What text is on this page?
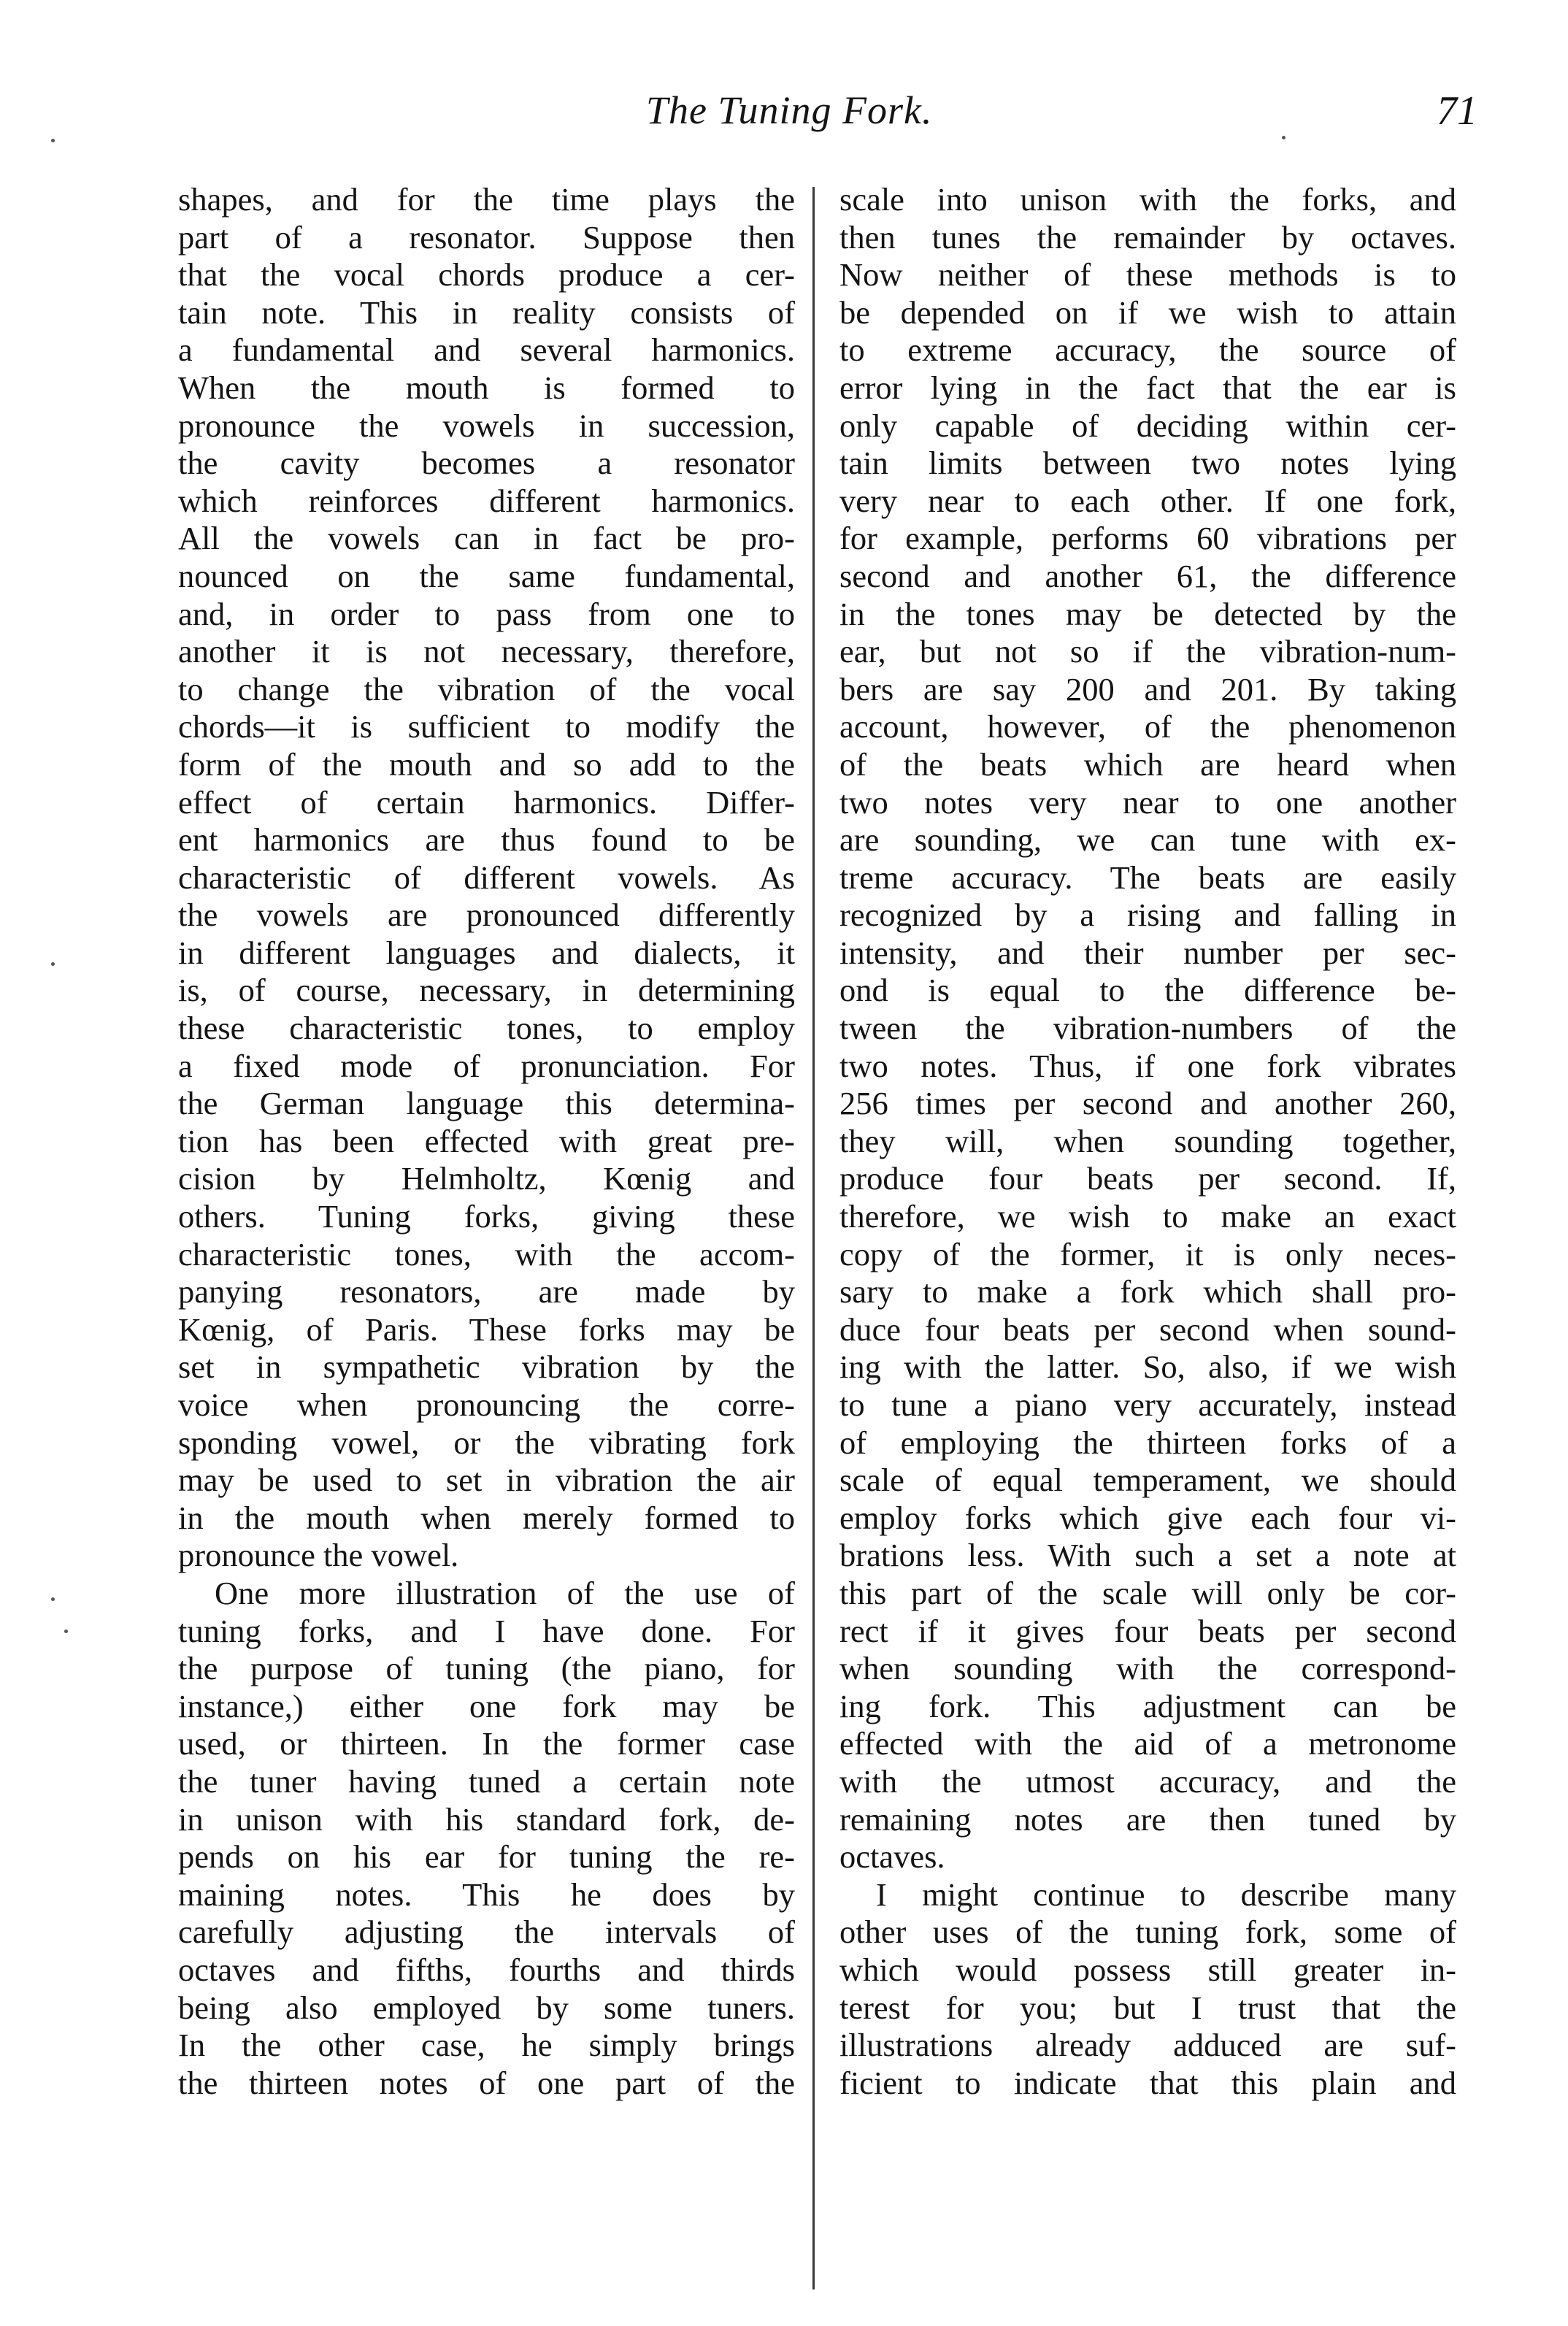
The Tuning Fork.	71
shapes, and for the time plays the
part of a resonator. Suppose then
that the vocal chords produce a cer-
tain note. This in reality consists of
a fundamental and several harmonics.
When the mouth is formed to
pronounce the vowels in succession,
the cavity becomes a resonator
which reinforces different harmonics.
All the vowels can in fact be pro-
nounced on the same fundamental,
and, in order to pass from one to
another it is not necessary, therefore,
to change the vibration of the vocal
chords—it is sufficient to modify the
form of the mouth and so add to the
effect of certain harmonics. Differ-
ent harmonics are thus found to be
characteristic of different vowels. As
the vowels are pronounced differently
in different languages and dialects, it
is, of course, necessary, in determining
these characteristic tones, to employ
a fixed mode of pronunciation. For
the German language this determina-
tion has been effected with great pre-
cision by Helmholtz, Kœnig and
others. Tuning forks, giving these
characteristic tones, with the accom-
panying resonators, are made by
Kœnig, of Paris. These forks may be
set in sympathetic vibration by the
voice when pronouncing the corre-
sponding vowel, or the vibrating fork
may be used to set in vibration the air
in the mouth when merely formed to
pronounce the vowel.
One more illustration of the use of
tuning forks, and I have done. For
the purpose of tuning (the piano, for
instance,) either one fork may be
used, or thirteen. In the former case
the tuner having tuned a certain note
in unison with his standard fork, de-
pends on his ear for tuning the re-
maining notes. This he does by
carefully adjusting the intervals of
octaves and fifths, fourths and thirds
being also employed by some tuners.
In the other case, he simply brings
the thirteen notes of one part of the
scale into unison with the forks, and
then tunes the remainder by octaves.
Now neither of these methods is to
be depended on if we wish to attain
to extreme accuracy, the source of
error lying in the fact that the ear is
only capable of deciding within cer-
tain limits between two notes lying
very near to each other. If one fork,
for example, performs 60 vibrations per
second and another 61, the difference
in the tones may be detected by the
ear, but not so if the vibration-num-
bers are say 200 and 201. By taking
account, however, of the phenomenon
of the beats which are heard when
two notes very near to one another
are sounding, we can tune with ex-
treme accuracy. The beats are easily
recognized by a rising and falling in
intensity, and their number per sec-
ond is equal to the difference be-
tween the vibration-numbers of the
two notes. Thus, if one fork vibrates
256 times per second and another 260,
they will, when sounding together,
produce four beats per second. If,
therefore, we wish to make an exact
copy of the former, it is only neces-
sary to make a fork which shall pro-
duce four beats per second when sound-
ing with the latter. So, also, if we wish
to tune a piano very accurately, instead
of employing the thirteen forks of a
scale of equal temperament, we should
employ forks which give each four vi-
brations less. With such a set a note at
this part of the scale will only be cor-
rect if it gives four beats per second
when sounding with the correspond-
ing fork. This adjustment can be
effected with the aid of a metronome
with the utmost accuracy, and the
remaining notes are then tuned by
octaves.
I might continue to describe many
other uses of the tuning fork, some of
which would possess still greater in-
terest for you; but I trust that the
illustrations already adduced are suf-
ficient to indicate that this plain and
